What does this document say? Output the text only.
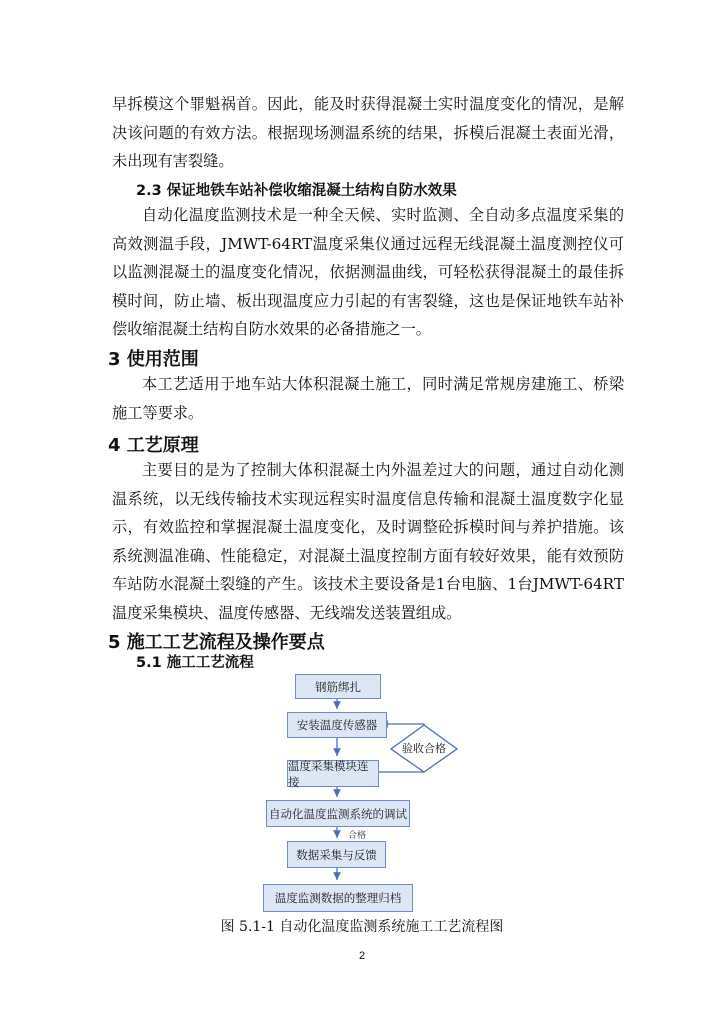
早拆模这个罪魁祸首。因此，能及时获得混凝土实时温度变化的情况，是解决该问题的有效方法。根据现场测温系统的结果，拆模后混凝土表面光滑，未出现有害裂缝。

2.3 保证地铁车站补偿收缩混凝土结构自防水效果

自动化温度监测技术是一种全天候、实时监测、全自动多点温度采集的高效测温手段，JMWT-64RT温度采集仪通过远程无线混凝土温度测控仪可以监测混凝土的温度变化情况，依据测温曲线，可轻松获得混凝土的最佳拆模时间，防止墙、板出现温度应力引起的有害裂缝，这也是保证地铁车站补偿收缩混凝土结构自防水效果的必备措施之一。

3 使用范围

本工艺适用于地车站大体积混凝土施工，同时满足常规房建施工、桥梁施工等要求。

4 工艺原理

主要目的是为了控制大体积混凝土内外温差过大的问题，通过自动化测温系统，以无线传输技术实现远程实时温度信息传输和混凝土温度数字化显示，有效监控和掌握混凝土温度变化，及时调整砼拆模时间与养护措施。该系统测温准确、性能稳定，对混凝土温度控制方面有较好效果，能有效预防车站防水混凝土裂缝的产生。该技术主要设备是1台电脑、1台JMWT-64RT温度采集模块、温度传感器、无线端发送装置组成。

5 施工工艺流程及操作要点
5.1 施工工艺流程
钢筋绑扎
安装温度传感器
温度采集模块连接
自动化温度监测系统的调试
数据采集与反馈
温度监测数据的整理归档
验收合格
合格
图 5.1-1 自动化温度监测系统施工工艺流程图
2
